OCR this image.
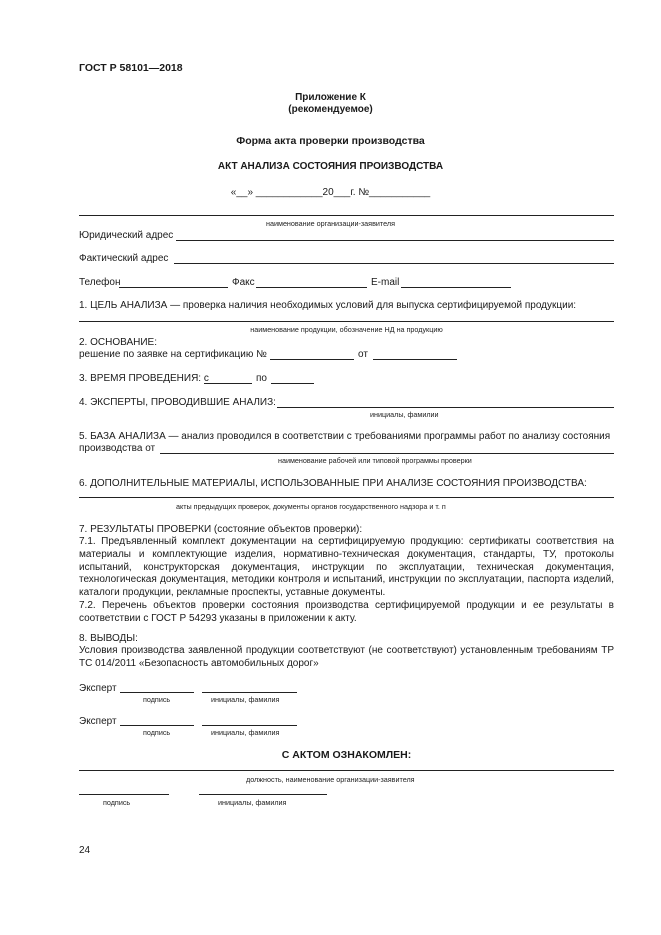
ГОСТ Р 58101—2018
Приложение К
(рекомендуемое)
Форма акта проверки производства
АКТ АНАЛИЗА СОСТОЯНИЯ ПРОИЗВОДСТВА
«__» ____________20___г. №___________
наименование организации-заявителя
Юридический адрес
Фактический адрес
Телефон	Факс	E-mail
1. ЦЕЛЬ АНАЛИЗА — проверка наличия необходимых условий для выпуска сертифицируемой продукции:
наименование продукции, обозначение НД на продукцию
2. ОСНОВАНИЕ:
решение по заявке на сертификацию №	от
3. ВРЕМЯ ПРОВЕДЕНИЯ: с	по
4. ЭКСПЕРТЫ, ПРОВОДИВШИЕ АНАЛИЗ:
инициалы, фамилии
5. БАЗА АНАЛИЗА — анализ проводился в соответствии с требованиями программы работ по анализу состояния
производства от
наименование рабочей или типовой программы проверки
6. ДОПОЛНИТЕЛЬНЫЕ МАТЕРИАЛЫ, ИСПОЛЬЗОВАННЫЕ ПРИ АНАЛИЗЕ СОСТОЯНИЯ ПРОИЗВОДСТВА:
акты предыдущих проверок, документы органов государственного надзора и т. п
7. РЕЗУЛЬТАТЫ ПРОВЕРКИ (состояние объектов проверки):

7.1. Предъявленный комплект документации на сертифицируемую продукцию: сертификаты соответствия на материалы и комплектующие изделия, нормативно-техническая документация, стандарты, ТУ, протоколы испытаний, конструкторская документация, инструкции по эксплуатации, техническая документация, технологическая документация, методики контроля и испытаний, инструкции по эксплуатации, паспорта изделий, каталоги продукции, рекламные проспекты, уставные документы.

7.2. Перечень объектов проверки состояния производства сертифицируемой продукции и ее результаты в соответствии с ГОСТ Р 54293 указаны в приложении к акту.

8. ВЫВОДЫ:

Условия производства заявленной продукции соответствуют (не соответствуют) установленным требованиям ТР ТС 014/2011 «Безопасность автомобильных дорог»

Эксперт
подпись	инициалы, фамилия
Эксперт
подпись	инициалы, фамилия
С АКТОМ ОЗНАКОМЛЕН:
должность, наименование организации-заявителя
подпись	инициалы, фамилия
24
